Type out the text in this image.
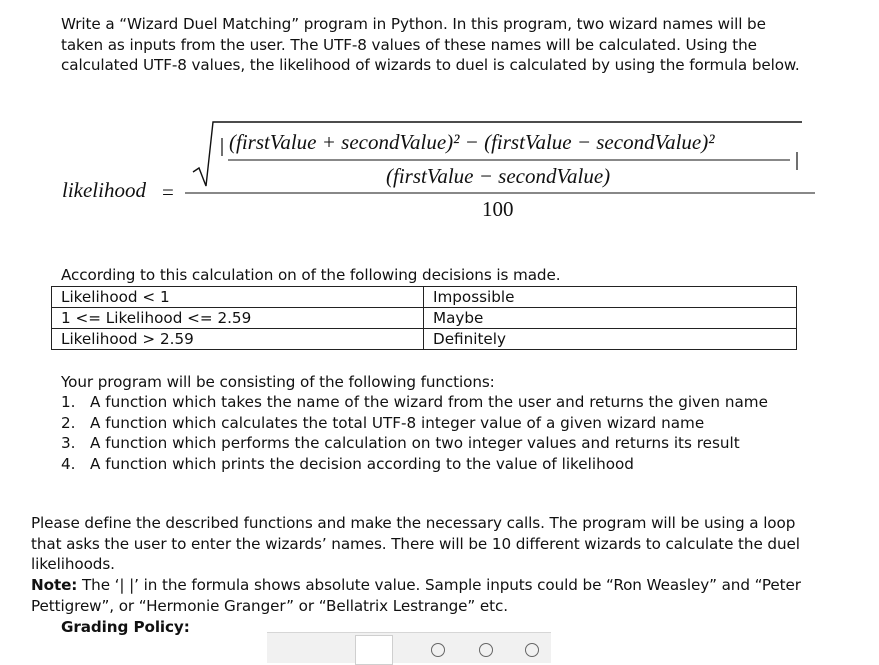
Write a “Wizard Duel Matching” program in Python. In this program, two wizard names will be taken as inputs from the user. The UTF-8 values of these names will be calculated. Using the calculated UTF-8 values, the likelihood of wizards to duel is calculated by using the formula below.

(firstValue + secondValue)² − (firstValue − secondValue)²
(firstValue − secondValue)
likelihood =
100

According to this calculation on of the following decisions is made.

Likelihood < 1	Impossible
1 <= Likelihood <= 2.59	Maybe
Likelihood > 2.59	Definitely

Your program will be consisting of the following functions:

1. A function which takes the name of the wizard from the user and returns the given name
2. A function which calculates the total UTF-8 integer value of a given wizard name
3. A function which performs the calculation on two integer values and returns its result
4. A function which prints the decision according to the value of likelihood

Please define the described functions and make the necessary calls. The program will be using a loop that asks the user to enter the wizards’ names. There will be 10 different wizards to calculate the duel likelihoods.

Note: The ‘| |’ in the formula shows absolute value. Sample inputs could be “Ron Weasley” and “Peter Pettigrew”, or “Hermonie Granger” or “Bellatrix Lestrange” etc.

Grading Policy:
